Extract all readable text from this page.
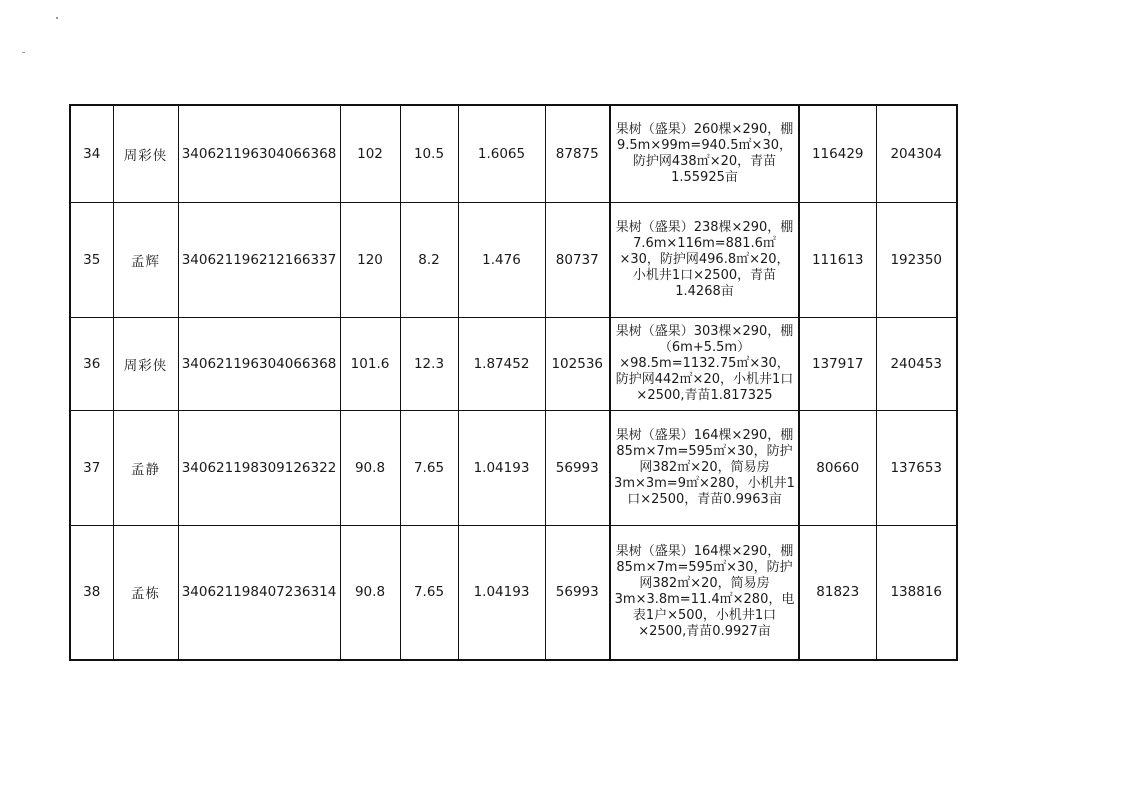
34	周彩侠	340621196304066368	102	10.5	1.6065	87875	果树（盛果）260棵×290，棚9.5m×99m=940.5㎡×30，防护网438㎡×20，青苗1.55925亩	116429	204304
35	孟辉	340621196212166337	120	8.2	1.476	80737	果树（盛果）238棵×290，棚7.6m×116m=881.6㎡×30，防护网496.8㎡×20，小机井1口×2500，青苗1.4268亩	111613	192350
36	周彩侠	340621196304066368	101.6	12.3	1.87452	102536	果树（盛果）303棵×290，棚（6m+5.5m）×98.5m=1132.75㎡×30，防护网442㎡×20，小机井1口×2500,青苗1.817325	137917	240453
37	孟静	340621198309126322	90.8	7.65	1.04193	56993	果树（盛果）164棵×290，棚85m×7m=595㎡×30，防护网382㎡×20，简易房3m×3m=9㎡×280，小机井1口×2500，青苗0.9963亩	80660	137653
38	孟栋	340621198407236314	90.8	7.65	1.04193	56993	果树（盛果）164棵×290，棚85m×7m=595㎡×30，防护网382㎡×20，简易房3m×3.8m=11.4㎡×280，电表1户×500，小机井1口×2500,青苗0.9927亩	81823	138816
